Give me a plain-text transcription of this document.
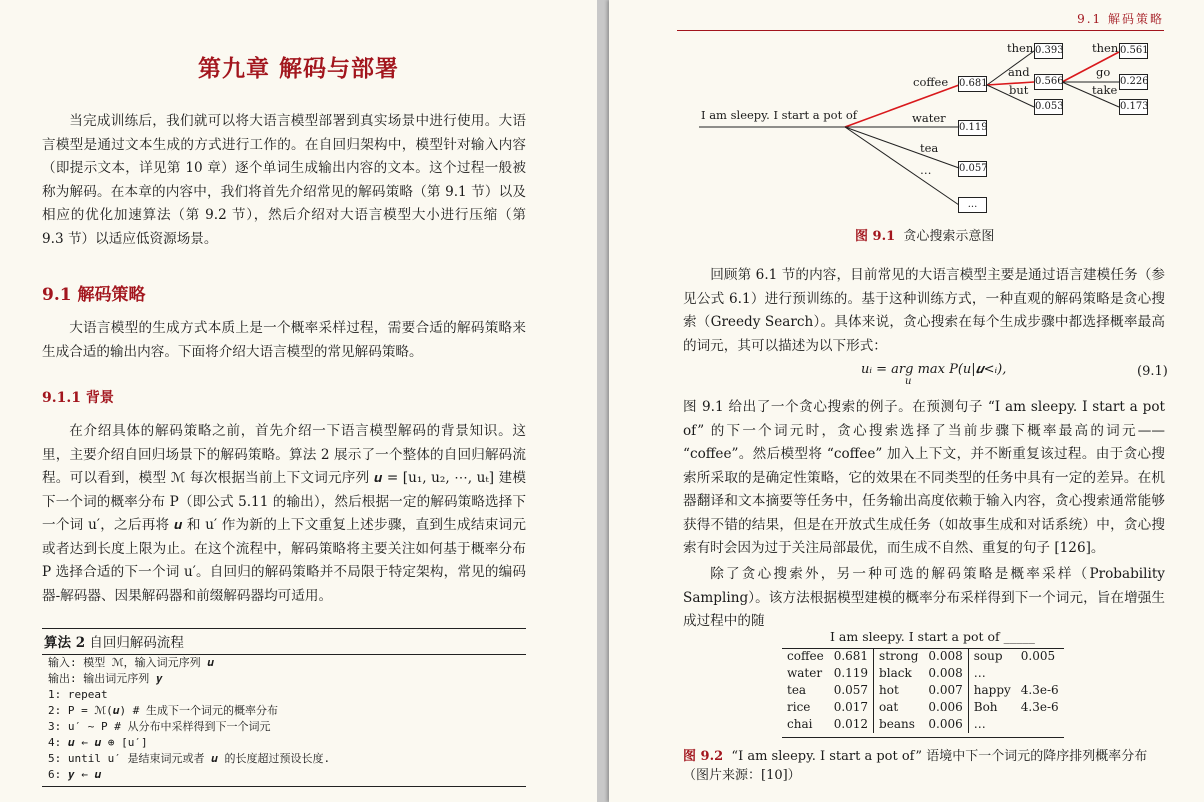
第九章 解码与部署
当完成训练后，我们就可以将大语言模型部署到真实场景中进行使用。大语言模型是通过文本生成的方式进行工作的。在自回归架构中，模型针对输入内容（即提示文本，详见第 10 章）逐个单词生成输出内容的文本。这个过程一般被称为解码。在本章的内容中，我们将首先介绍常见的解码策略（第 9.1 节）以及相应的优化加速算法（第 9.2 节），然后介绍对大语言模型大小进行压缩（第 9.3 节）以适应低资源场景。
9.1 解码策略
大语言模型的生成方式本质上是一个概率采样过程，需要合适的解码策略来生成合适的输出内容。下面将介绍大语言模型的常见解码策略。
9.1.1 背景
在介绍具体的解码策略之前，首先介绍一下语言模型解码的背景知识。这里，主要介绍自回归场景下的解码策略。算法 2 展示了一个整体的自回归解码流程。可以看到，模型 ℳ 每次根据当前上下文词元序列 𝒖 = [u₁, u₂, ⋯, uₜ] 建模下一个词的概率分布 P（即公式 5.11 的输出），然后根据一定的解码策略选择下一个词 u′，之后再将 𝒖 和 u′ 作为新的上下文重复上述步骤，直到生成结束词元或者达到长度上限为止。在这个流程中，解码策略将主要关注如何基于概率分布 P 选择合适的下一个词 u′。自回归的解码策略并不局限于特定架构，常见的编码器-解码器、因果解码器和前缀解码器均可适用。
算法 2 自回归解码流程
输入: 模型 ℳ，输入词元序列 𝒖
输出: 输出词元序列 𝒚
1: repeat
2: P = ℳ(𝒖) # 生成下一个词元的概率分布
3: u′ ~ P # 从分布中采样得到下一个词元
4: 𝒖 ← 𝒖 ⊕ [u′]
5: until u′ 是结束词元或者 𝒖 的长度超过预设长度.
6: 𝒚 ← 𝒖
9.1 解码策略
I am sleepy. I start a pot of
coffee
water
tea
…
then
and
but
then
go
take
0.681
0.119
0.057
...
0.393
0.566
0.053
0.561
0.226
0.173
图 9.1 贪心搜索示意图
回顾第 6.1 节的内容，目前常见的大语言模型主要是通过语言建模任务（参见公式 6.1）进行预训练的。基于这种训练方式，一种直观的解码策略是贪心搜索（Greedy Search）。具体来说，贪心搜索在每个生成步骤中都选择概率最高的词元，其可以描述为以下形式：
uᵢ = arg max P(u|𝒖<ᵢ),
u
(9.1)
图 9.1 给出了一个贪心搜索的例子。在预测句子 “I am sleepy. I start a pot of” 的下一个词元时，贪心搜索选择了当前步骤下概率最高的词元—— “coffee”。然后模型将 “coffee” 加入上下文，并不断重复该过程。由于贪心搜索所采取的是确定性策略，它的效果在不同类型的任务中具有一定的差异。在机器翻译和文本摘要等任务中，任务输出高度依赖于输入内容，贪心搜索通常能够获得不错的结果，但是在开放式生成任务（如故事生成和对话系统）中，贪心搜索有时会因为过于关注局部最优，而生成不自然、重复的句子 [126]。
除了贪心搜索外，另一种可选的解码策略是概率采样（Probability Sampling）。该方法根据模型建模的概率分布采样得到下一个词元，旨在增强生成过程中的随
图 9.2 “I am sleepy. I start a pot of” 语境中下一个词元的降序排列概率分布（图片来源：[10]）
I am sleepy. I start a pot of _____
coffee	0.681	strong	0.008	soup	0.005
water	0.119	black	0.008	…	
tea	0.057	hot	0.007	happy	4.3e-6
rice	0.017	oat	0.006	Boh	4.3e-6
chai	0.012	beans	0.006	…	
